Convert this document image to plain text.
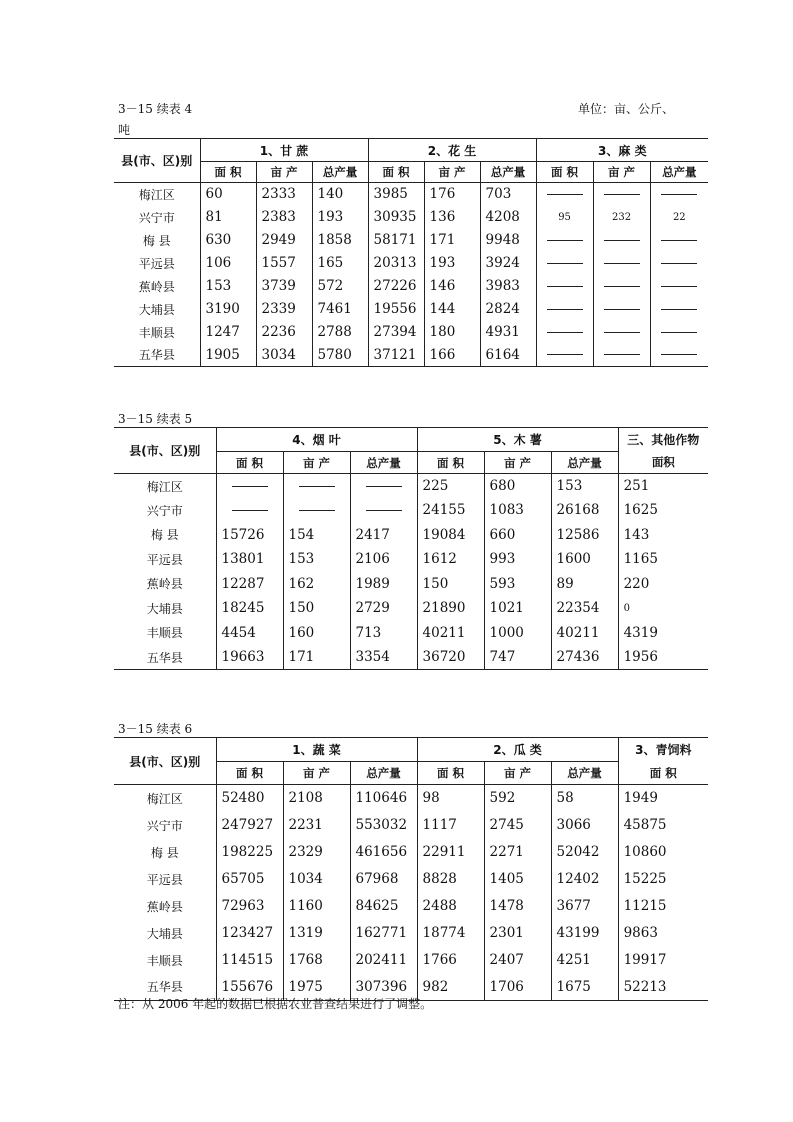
3－15 续表 4	单位：亩、公斤、
吨
县(市、区)别	1、甘 蔗			2、花 生			3、麻 类		
	面 积	亩 产	总产量	面 积	亩 产	总产量	面 积	亩 产	总产量
梅江区	60	2333	140	3985	176	703	

兴宁市	81	2383	193	30935	136	4208	95	232	22
梅 县	630	2949	1858	58171	171	9948	

平远县	106	1557	165	20313	193	3924	

蕉岭县	153	3739	572	27226	146	3983	

大埔县	3190	2339	7461	19556	144	2824	

丰顺县	1247	2236	2788	27394	180	4931	

五华县	1905	3034	5780	37121	166	6164	

3－15 续表 5
县(市、区)别	4、烟 叶			5、木 薯			三、其他作物
	面 积	亩 产	总产量	面 积	亩 产	总产量	面积
梅江区				225	680	153	251
兴宁市				24155	1083	26168	1625
梅 县	15726	154	2417	19084	660	12586	143
平远县	13801	153	2106	1612	993	1600	1165
蕉岭县	12287	162	1989	150	593	89	220
大埔县	18245	150	2729	21890	1021	22354	0
丰顺县	4454	160	713	40211	1000	40211	4319
五华县	19663	171	3354	36720	747	27436	1956
3－15 续表 6
县(市、区)别	1、蔬 菜			2、瓜 类			3、青饲料
	面 积	亩 产	总产量	面 积	亩 产	总产量	面 积
梅江区	52480	2108	110646	98	592	58	1949
兴宁市	247927	2231	553032	1117	2745	3066	45875
梅 县	198225	2329	461656	22911	2271	52042	10860
平远县	65705	1034	67968	8828	1405	12402	15225
蕉岭县	72963	1160	84625	2488	1478	3677	11215
大埔县	123427	1319	162771	18774	2301	43199	9863
丰顺县	114515	1768	202411	1766	2407	4251	19917
五华县	155676	1975	307396	982	1706	1675	52213
注：从 2006 年起的数据已根据农业普查结果进行了调整。
